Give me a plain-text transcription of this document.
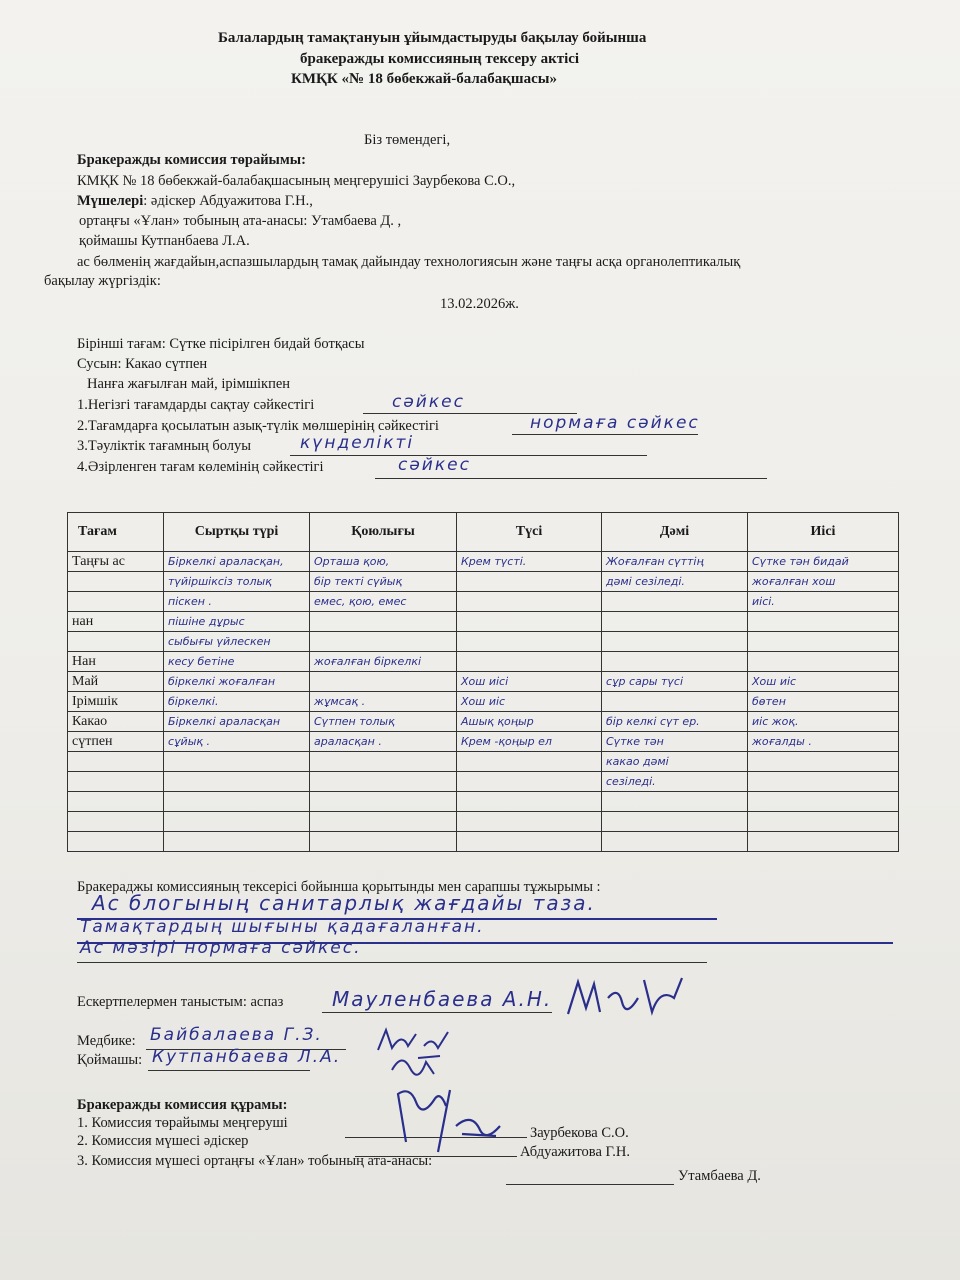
Балалардың тамақтануын ұйымдастыруды бақылау бойынша
бракеражды комиссияның тексеру актісі
КМҚК «№ 18 бөбекжай-балабақшасы»
Біз төмендегі,
Бракеражды комиссия төрайымы:
КМҚК № 18 бөбекжай-балабақшасының меңгерушісі Заурбекова С.О.,
Мүшелері: әдіскер Абдуажитова Г.Н.,
ортаңғы «Ұлан» тобының ата-анасы: Утамбаева Д. ,
қоймашы Кутпанбаева Л.А.
ас бөлменің жағдайын,аспазшылардың тамақ дайындау технологиясын және таңғы асқа органолептикалық
бақылау жүргіздік:
13.02.2026ж.
Бірінші тағам: Сүтке пісірілген бидай ботқасы
Сусын: Какао сүтпен
Нанға жағылған май, ірімшікпен
1.Негізгі тағамдарды сақтау сәйкестігі	сәйкес
2.Тағамдарға қосылатын азық-түлік мөлшерінің сәйкестігі	нормаға сәйкес
3.Тәуліктік тағамның болуы	күнделікті
4.Әзірленген тағам көлемінің сәйкестігі	сәйкес
Тағам	Сыртқы түрі	Қоюлығы	Түсі	Дәмі	Иісі
Таңғы ас	Біркелкі араласқан,	Орташа қою,	Крем түсті.	Жоғалған сүттің	Сүтке тән бидай
	түйіршіксіз толық	бір текті сүйық		дәмі сезіледі.	жоғалған хош
	піскен .	емес, қою, емес			иісі.
нан	пішіне дұрыс				
	сыбығы үйлескен				
Нан	кесу бетіне	жоғалған біркелкі			
Май	біркелкі жоғалған		Хош иісі	сұр сары түсі	Хош иіс
Ірімшік	біркелкі.	жұмсақ .	Хош иіс		бөтен
Какао	Біркелкі араласқан	Сүтпен толық	Ашық қоңыр	бір келкі сүт ер.	иіс жоқ.
сүтпен	сұйық .	араласқан .	Крем -қоңыр ел	Сүтке тән	жоғалды .
				какао дәмі	
				сезіледі.	

Бракераджы комиссияның тексерісі бойынша қорытынды мен сарапшы тұжырымы :
Ас блогының санитарлық жағдайы таза.
Тамақтардың шығыны қадағаланған.
Ас мәзірі нормаға сәйкес.
Ескертпелермен таныстым: аспаз Мауленбаева А.Н.
Медбике: Байбалаева Г.З.
Қоймашы: Кутпанбаева Л.А.
Бракеражды комиссия құрамы:
1. Комиссия төрайымы меңгеруші
Заурбекова С.О.
2. Комиссия мүшесі әдіскер
Абдуажитова Г.Н.
3. Комиссия мүшесі ортаңғы «Ұлан» тобының ата-анасы:
Утамбаева Д.
